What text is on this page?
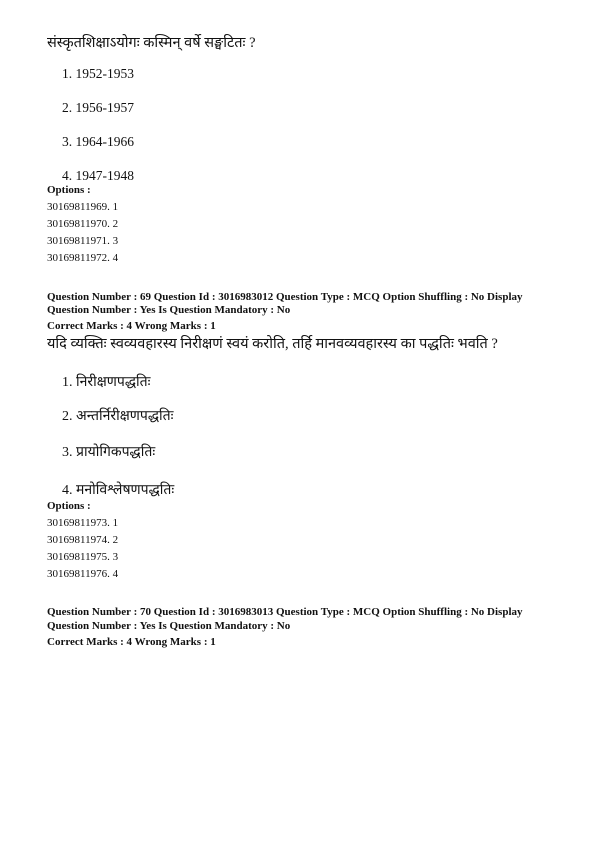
संस्कृतशिक्षाऽयोगः कस्मिन् वर्षे सङ्घटितः ?
1. 1952-1953
2. 1956-1957
3. 1964-1966
4. 1947-1948
Options :
30169811969. 1
30169811970. 2
30169811971. 3
30169811972. 4
Question Number : 69 Question Id : 3016983012 Question Type : MCQ Option Shuffling : No Display
Question Number : Yes Is Question Mandatory : No
Correct Marks : 4 Wrong Marks : 1
यदि व्यक्तिः स्वव्यवहारस्य निरीक्षणं स्वयं करोति, तर्हि मानवव्यवहारस्य का पद्धतिः भवति ?
1. निरीक्षणपद्धतिः
2. अन्तर्निरीक्षणपद्धतिः
3. प्रायोगिकपद्धतिः
4. मनोविश्लेषणपद्धतिः
Options :
30169811973. 1
30169811974. 2
30169811975. 3
30169811976. 4
Question Number : 70 Question Id : 3016983013 Question Type : MCQ Option Shuffling : No Display
Question Number : Yes Is Question Mandatory : No
Correct Marks : 4 Wrong Marks : 1
